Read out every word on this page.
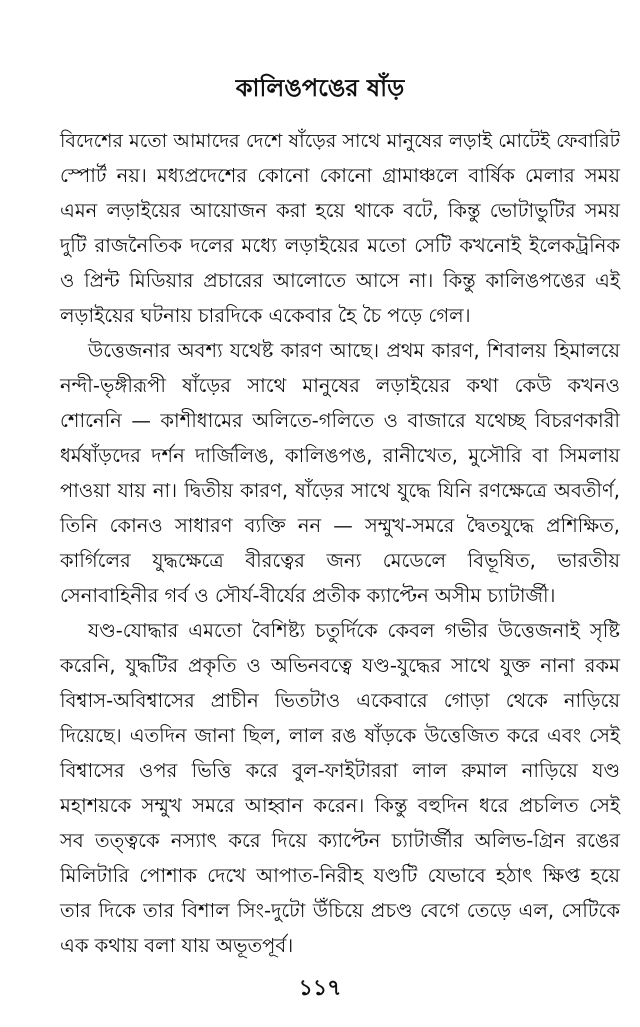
কালিঙপঙের ষাঁড়
বিদেশের মতো আমাদের দেশে ষাঁড়ের সাথে মানুষের লড়াই মোটেই ফেবারিট
স্পোর্ট নয়। মধ্যপ্রদেশের কোনো কোনো গ্রামাঞ্চলে বার্ষিক মেলার সময়
এমন লড়াইয়ের আয়োজন করা হয়ে থাকে বটে, কিন্তু ভোটাভুটির সময়
দুটি রাজনৈতিক দলের মধ্যে লড়াইয়ের মতো সেটি কখনোই ইলেকট্রনিক
ও প্রিন্ট মিডিয়ার প্রচারের আলোতে আসে না। কিন্তু কালিঙপঙের এই
লড়াইয়ের ঘটনায় চারদিকে একেবার হৈ চৈ পড়ে গেল।
উত্তেজনার অবশ্য যথেষ্ট কারণ আছে। প্রথম কারণ, শিবালয় হিমালয়ে
নন্দী-ভৃঙ্গীরূপী ষাঁড়ের সাথে মানুষের লড়াইয়ের কথা কেউ কখনও
শোনেনি — কাশীধামের অলিতে-গলিতে ও বাজারে যথেচ্ছ বিচরণকারী
ধর্মষাঁড়দের দর্শন দার্জিলিঙ, কালিঙপঙ, রানীখেত, মুসৌরি বা সিমলায়
পাওয়া যায় না। দ্বিতীয় কারণ, ষাঁড়ের সাথে যুদ্ধে যিনি রণক্ষেত্রে অবতীর্ণ,
তিনি কোনও সাধারণ ব্যক্তি নন — সম্মুখ-সমরে দ্বৈতযুদ্ধে প্রশিক্ষিত,
কার্গিলের যুদ্ধক্ষেত্রে বীরত্বের জন্য মেডেলে বিভূষিত, ভারতীয়
সেনাবাহিনীর গর্ব ও সৌর্য-বীর্যের প্রতীক ক্যাপ্টেন অসীম চ্যাটার্জী।
যণ্ড-যোদ্ধার এমতো বৈশিষ্ট্য চতুর্দিকে কেবল গভীর উত্তেজনাই সৃষ্টি
করেনি, যুদ্ধটির প্রকৃতি ও অভিনবত্বে যণ্ড-যুদ্ধের সাথে যুক্ত নানা রকম
বিশ্বাস-অবিশ্বাসের প্রাচীন ভিতটাও একেবারে গোড়া থেকে নাড়িয়ে
দিয়েছে। এতদিন জানা ছিল, লাল রঙ ষাঁড়কে উত্তেজিত করে এবং সেই
বিশ্বাসের ওপর ভিত্তি করে বুল-ফাইটাররা লাল রুমাল নাড়িয়ে যণ্ড
মহাশয়কে সম্মুখ সমরে আহ্বান করেন। কিন্তু বহুদিন ধরে প্রচলিত সেই
সব তত্ত্বকে নস্যাৎ করে দিয়ে ক্যাপ্টেন চ্যাটার্জীর অলিভ-গ্রিন রঙের
মিলিটারি পোশাক দেখে আপাত-নিরীহ যণ্ডটি যেভাবে হঠাৎ ক্ষিপ্ত হয়ে
তার দিকে তার বিশাল সিং-দুটো উঁচিয়ে প্রচণ্ড বেগে তেড়ে এল, সেটিকে
এক কথায় বলা যায় অভূতপূর্ব।
১১৭
